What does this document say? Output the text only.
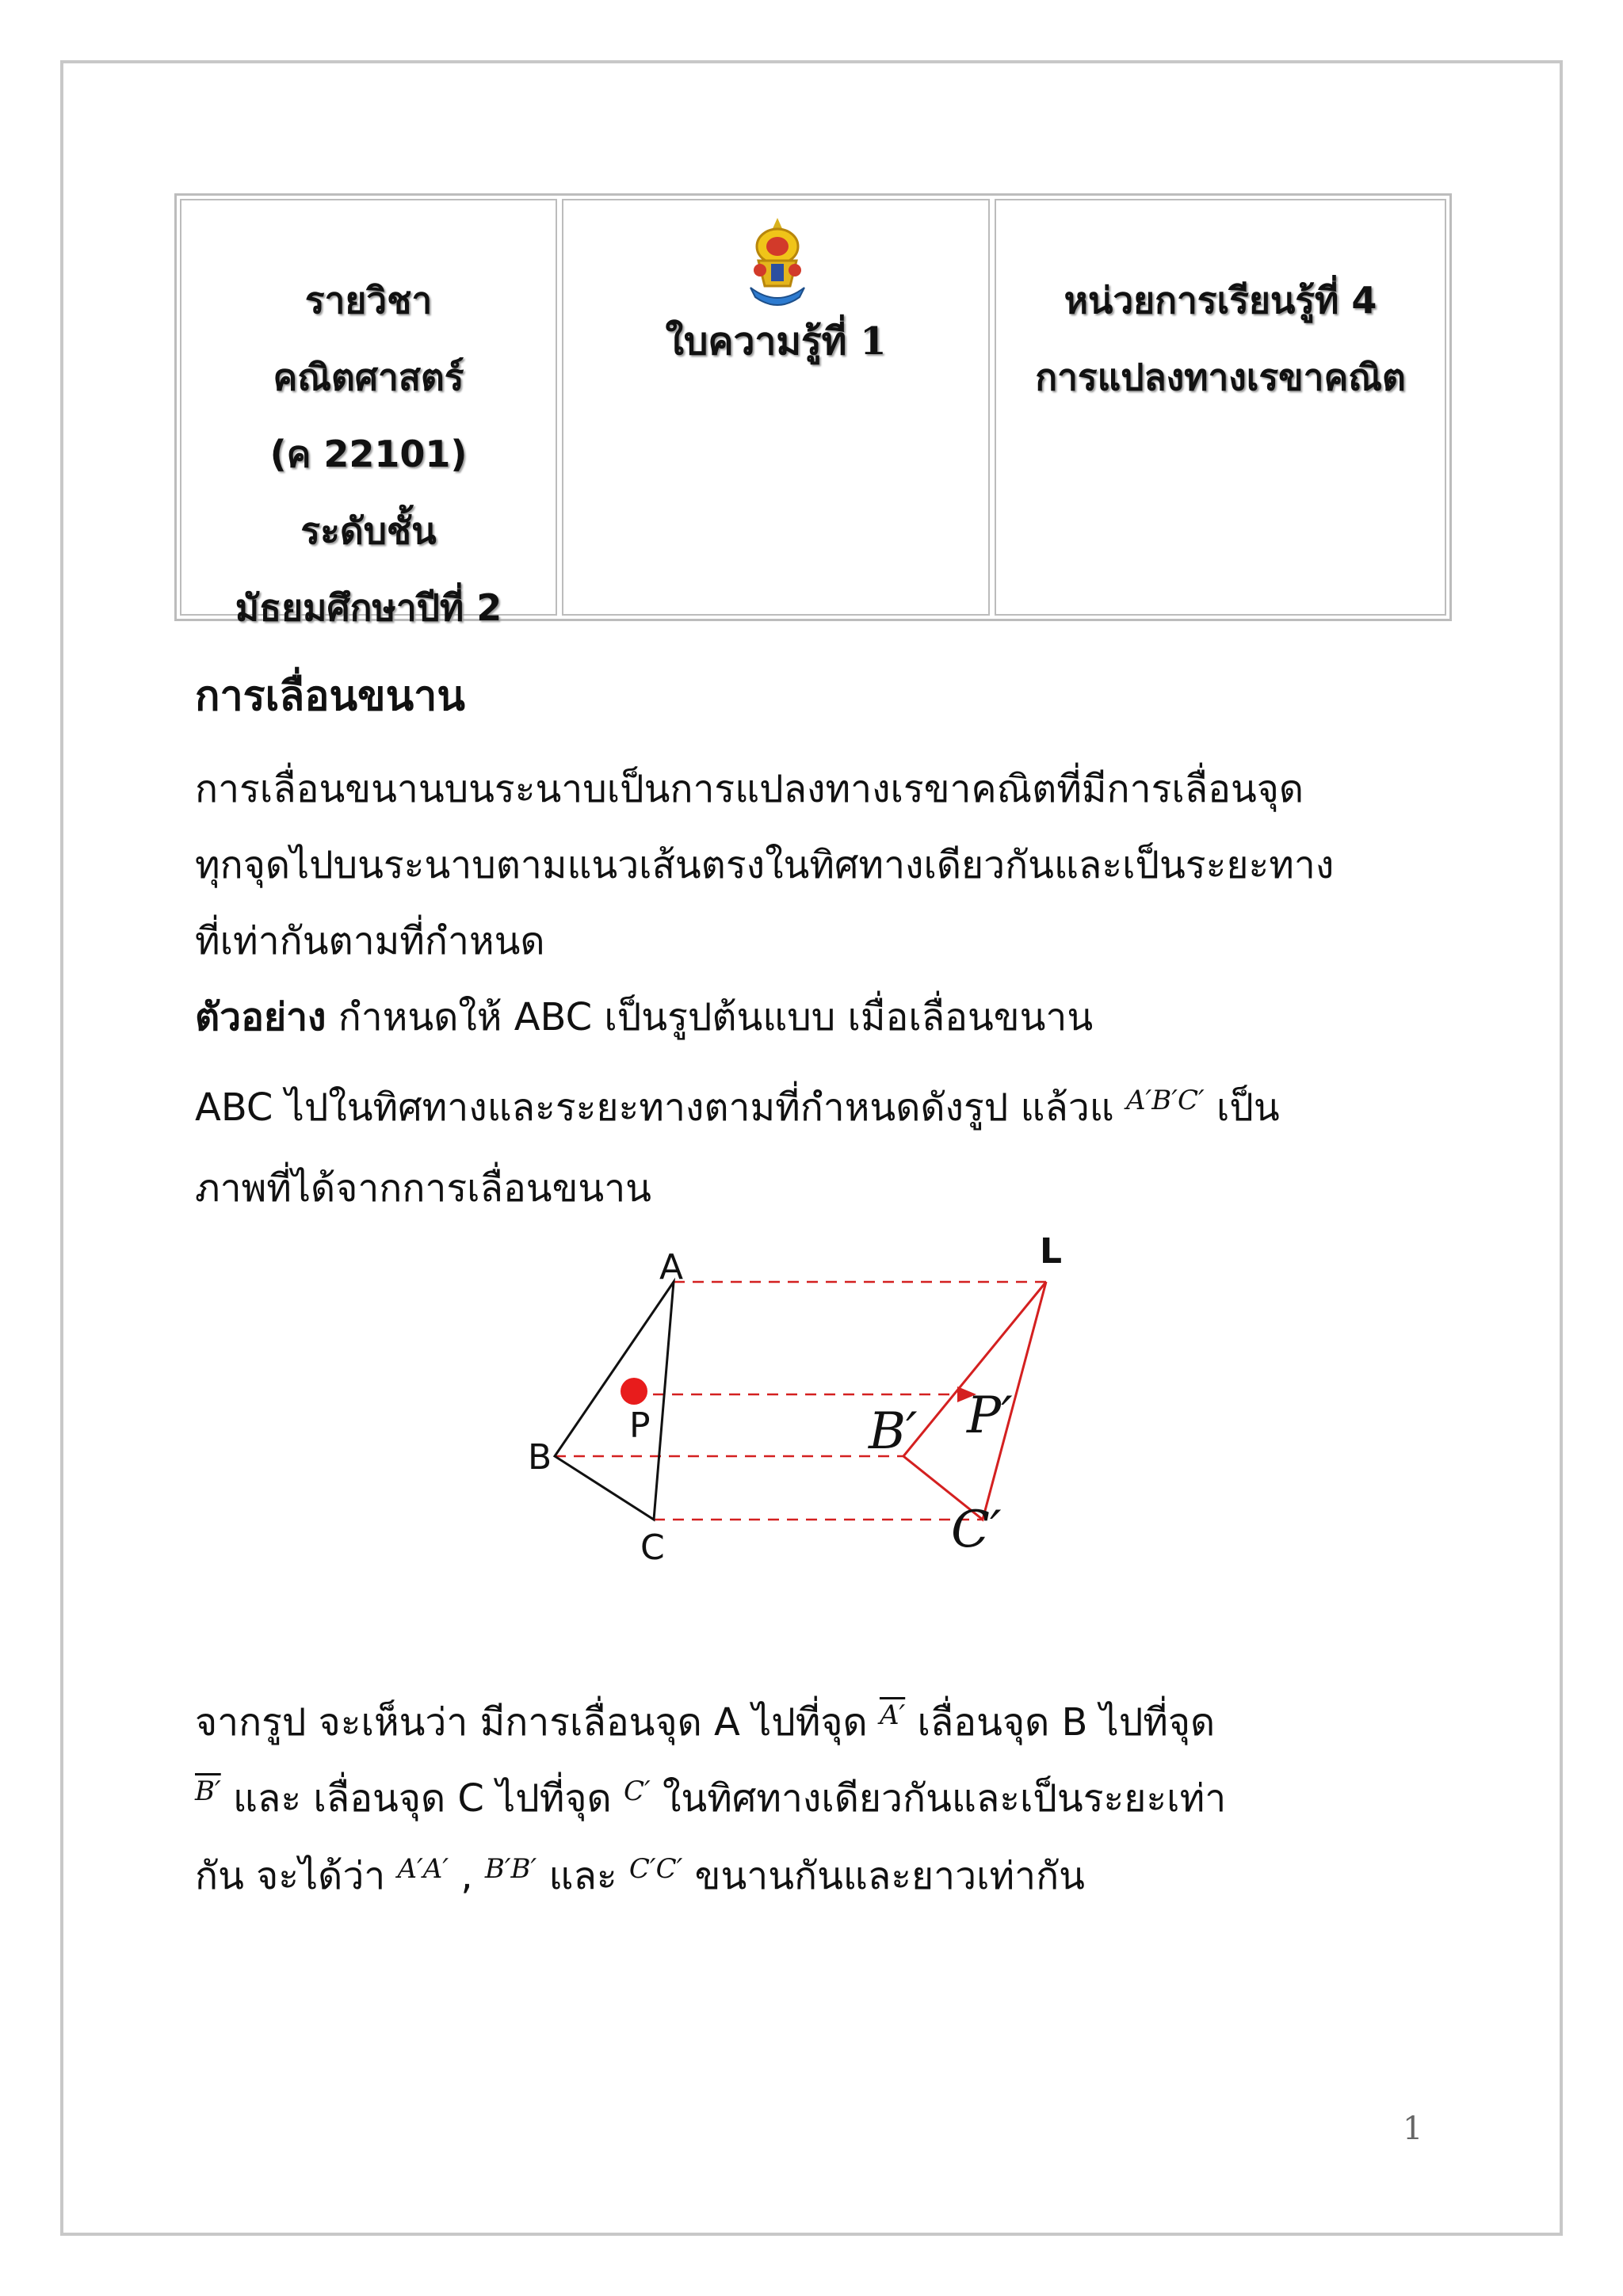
รายวิชา
คณิตศาสตร์
(ค 22101)
ระดับชั้น
มัธยมศึกษาปีที่ 2
ใบความรู้ที่ 1
หน่วยการเรียนรู้ที่ 4
การแปลงทางเรขาคณิต
การเลื่อนขนาน
การเลื่อนขนานบนระนาบเป็นการแปลงทางเรขาคณิตที่มีการเลื่อนจุด
ทุกจุดไปบนระนาบตามแนวเส้นตรงในทิศทางเดียวกันและเป็นระยะทาง
ที่เท่ากันตามที่กำหนด
ตัวอย่าง กำหนดให้ ABC เป็นรูปต้นแบบ เมื่อเลื่อนขนาน
ABC ไปในทิศทางและระยะทางตามที่กำหนดดังรูป แล้วแ $^{A'B'C'}$ เป็น
ภาพที่ได้จากการเลื่อนขนาน
A
B
C
P
L
B′ P′
C′
จากรูป จะเห็นว่า มีการเลื่อนจุด A ไปที่จุด $^{A'}$ เลื่อนจุด B ไปที่จุด
$^{B'}$ และ เลื่อนจุด C ไปที่จุด $^{C'}$ ในทิศทางเดียวกันและเป็นระยะเท่า
กัน จะได้ว่า $^{A'A'}$ , $^{B'B'}$ และ $^{C'C'}$ ขนานกันและยาวเท่ากัน
1
